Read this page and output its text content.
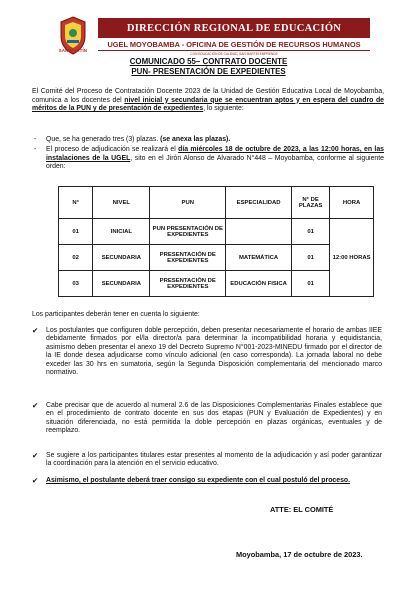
SAN MARTÍN
DIRECCIÓN REGIONAL DE EDUCACIÓN
UGEL MOYOBAMBA - OFICINA DE GESTIÓN DE RECURSOS HUMANOS
CON EDUCACIÓN DE CALIDAD, SAN MARTÍN EMPRENDE
COMUNICADO 55– CONTRATO DOCENTE
PUN- PRESENTACIÓN DE EXPEDIENTES
El Comité del Proceso de Contratación Docente 2023 de la Unidad de Gestión Educativa Local de Moyobamba, comunica a los docentes del nivel inicial y secundaria que se encuentran aptos y en espera del cuadro de méritos de la PUN y de presentación de expedientes, lo siguiente:
- Que, se ha generado tres (3) plazas. (se anexa las plazas).
- El proceso de adjudicación se realizará el día miércoles 18 de octubre de 2023, a las 12:00 horas, en las instalaciones de la UGEL, sito en el Jirón Alonso de Alvarado N°448 – Moyobamba, conforme al siguiente orden:
N°	NIVEL	PUN	ESPECIALIDAD	N° DE PLAZAS	HORA
01	INICIAL	PUN PRESENTACIÓN DE EXPEDIENTES		01	12:00 HORAS
02	SECUNDARIA	PRESENTACIÓN DE EXPEDIENTES	MATEMÁTICA	01	
03	SECUNDARIA	PRESENTACIÓN DE EXPEDIENTES	EDUCACIÓN FISICA	01	
Los participantes deberán tener en cuenta lo siguiente:
✔ Los postulantes que configuren doble percepción, deben presentar necesariamente el horario de ambas IIEE debidamente firmados por el/la director/a para determinar la incompatibilidad horaria y equidistancia, asimismo deben presentar el anexo 19 del Decreto Supremo N°001-2023-MINEDU firmado por el director de la IE donde desea adjudicarse como vínculo adicional (en caso corresponda). La jornada laboral no debe exceder las 30 hrs en sumatoria, según la Segunda Disposición complementaria del mencionado marco normativo.
✔ Cabe precisar que de acuerdo al numeral 2.6 de las Disposiciones Complementarias Finales establece que en el procedimiento de contrato docente en sus dos etapas (PUN y Evaluación de Expedientes) y en situación diferenciada, no está permitida la doble percepción en plazas orgánicas, eventuales y de reemplazo.
✔ Se sugiere a los participantes titulares estar presentes al momento de la adjudicación y así poder garantizar la coordinación para la atención en el servicio educativo.
✔ Asimismo, el postulante deberá traer consigo su expediente con el cual postuló del proceso.
ATTE: EL COMITÉ
Moyobamba, 17 de octubre de 2023.
